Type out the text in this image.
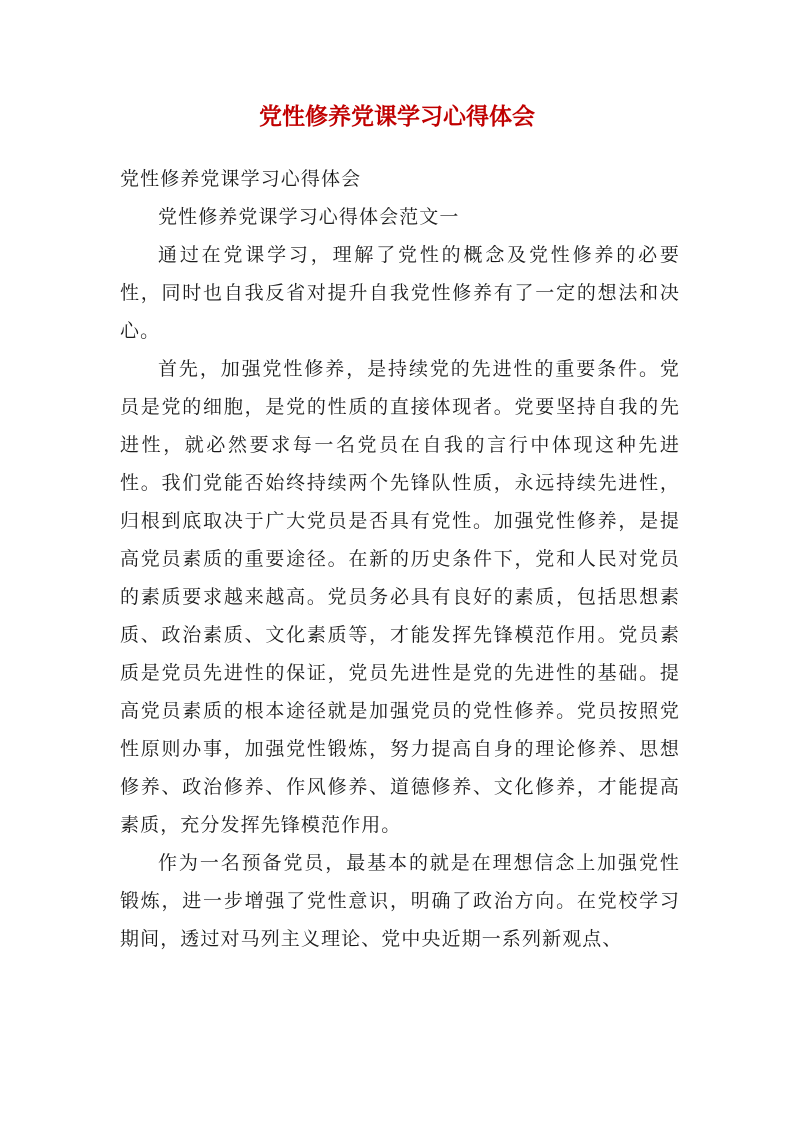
党性修养党课学习心得体会

党性修养党课学习心得体会

党性修养党课学习心得体会范文一

通过在党课学习，理解了党性的概念及党性修养的必要性，同时也自我反省对提升自我党性修养有了一定的想法和决心。

首先，加强党性修养，是持续党的先进性的重要条件。党员是党的细胞，是党的性质的直接体现者。党要坚持自我的先进性，就必然要求每一名党员在自我的言行中体现这种先进性。我们党能否始终持续两个先锋队性质，永远持续先进性，归根到底取决于广大党员是否具有党性。加强党性修养，是提高党员素质的重要途径。在新的历史条件下，党和人民对党员的素质要求越来越高。党员务必具有良好的素质，包括思想素质、政治素质、文化素质等，才能发挥先锋模范作用。党员素质是党员先进性的保证，党员先进性是党的先进性的基础。提高党员素质的根本途径就是加强党员的党性修养。党员按照党性原则办事，加强党性锻炼，努力提高自身的理论修养、思想修养、政治修养、作风修养、道德修养、文化修养，才能提高素质，充分发挥先锋模范作用。

作为一名预备党员，最基本的就是在理想信念上加强党性锻炼，进一步增强了党性意识，明确了政治方向。在党校学习期间，透过对马列主义理论、党中央近期一系列新观点、
